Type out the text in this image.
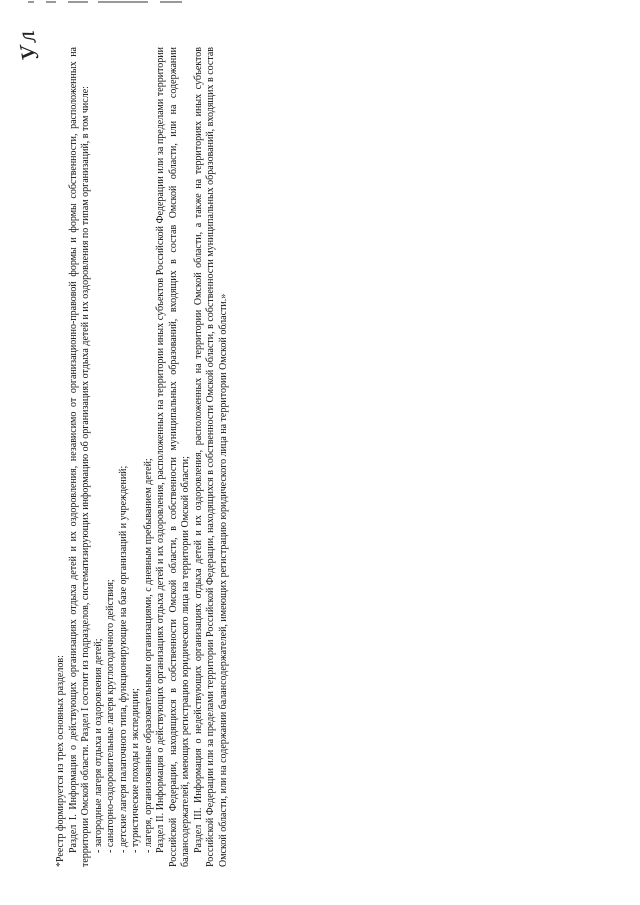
Ул

*Реестр формируется из трех основных разделов: Раздел I. Информация о действующих организациях отдыха детей и их оздоровления, независимо от организационно-правовой формы и формы собственности, расположенных на территории Омской области. Раздел I состоит из подразделов, систематизирующих информацию об организациях отдыха детей и их оздоровления по типам организаций, в том числе: - загородные лагеря отдыха и оздоровления детей; - санаторно-оздоровительные лагеря круглогодичного действия; - детские лагеря палаточного типа, функционирующие на базе организаций и учреждений; - туристические походы и экспедиции; - лагеря, организованные образовательными организациями, с дневным пребыванием детей; Раздел II. Информация о действующих организациях отдыха детей и их оздоровления, расположенных на территории иных субъектов Российской Федерации или за пределами территории Российской Федерации, находящихся в собственности Омской области, в собственности муниципальных образований, входящих в состав Омской области, или на содержании балансодержателей, имеющих регистрацию юридического лица на территории Омской области; Раздел III. Информация о недействующих организациях отдыха детей и их оздоровления, расположенных на территории Омской области, а также на территориях иных субъектов Российской Федерации или за пределами территории Российской Федерации, находящихся в собственности Омской области, в собственности муниципальных образований, входящих в состав Омской области, или на содержании балансодержателей, имеющих регистрацию юридического лица на территории Омской области.»
